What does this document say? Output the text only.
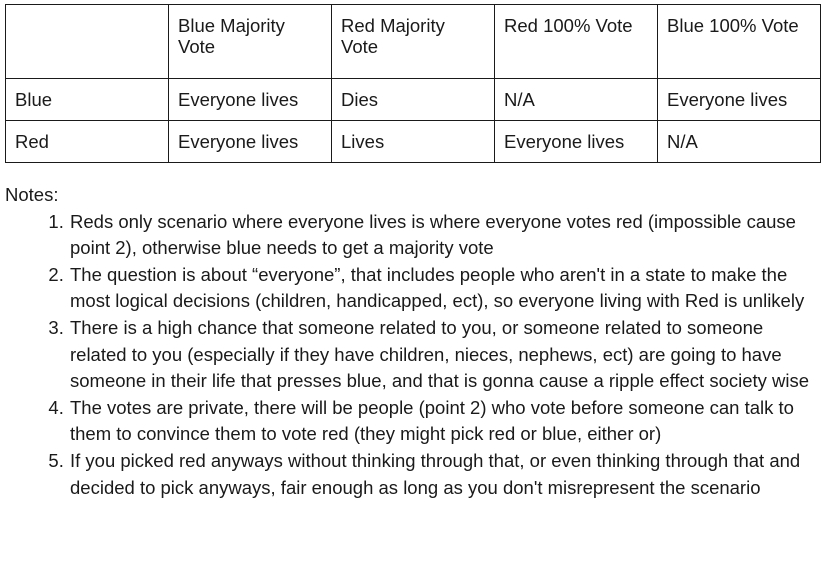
	Blue Majority Vote	Red Majority Vote	Red 100% Vote	Blue 100% Vote
Blue	Everyone lives	Dies	N/A	Everyone lives
Red	Everyone lives	Lives	Everyone lives	N/A

Notes:

1. Reds only scenario where everyone lives is where everyone votes red (impossible cause point 2), otherwise blue needs to get a majority vote
2. The question is about “everyone”, that includes people who aren't in a state to make the most logical decisions (children, handicapped, ect), so everyone living with Red is unlikely
3. There is a high chance that someone related to you, or someone related to someone related to you (especially if they have children, nieces, nephews, ect) are going to have someone in their life that presses blue, and that is gonna cause a ripple effect society wise
4. The votes are private, there will be people (point 2) who vote before someone can talk to them to convince them to vote red (they might pick red or blue, either or)
5. If you picked red anyways without thinking through that, or even thinking through that and decided to pick anyways, fair enough as long as you don't misrepresent the scenario
